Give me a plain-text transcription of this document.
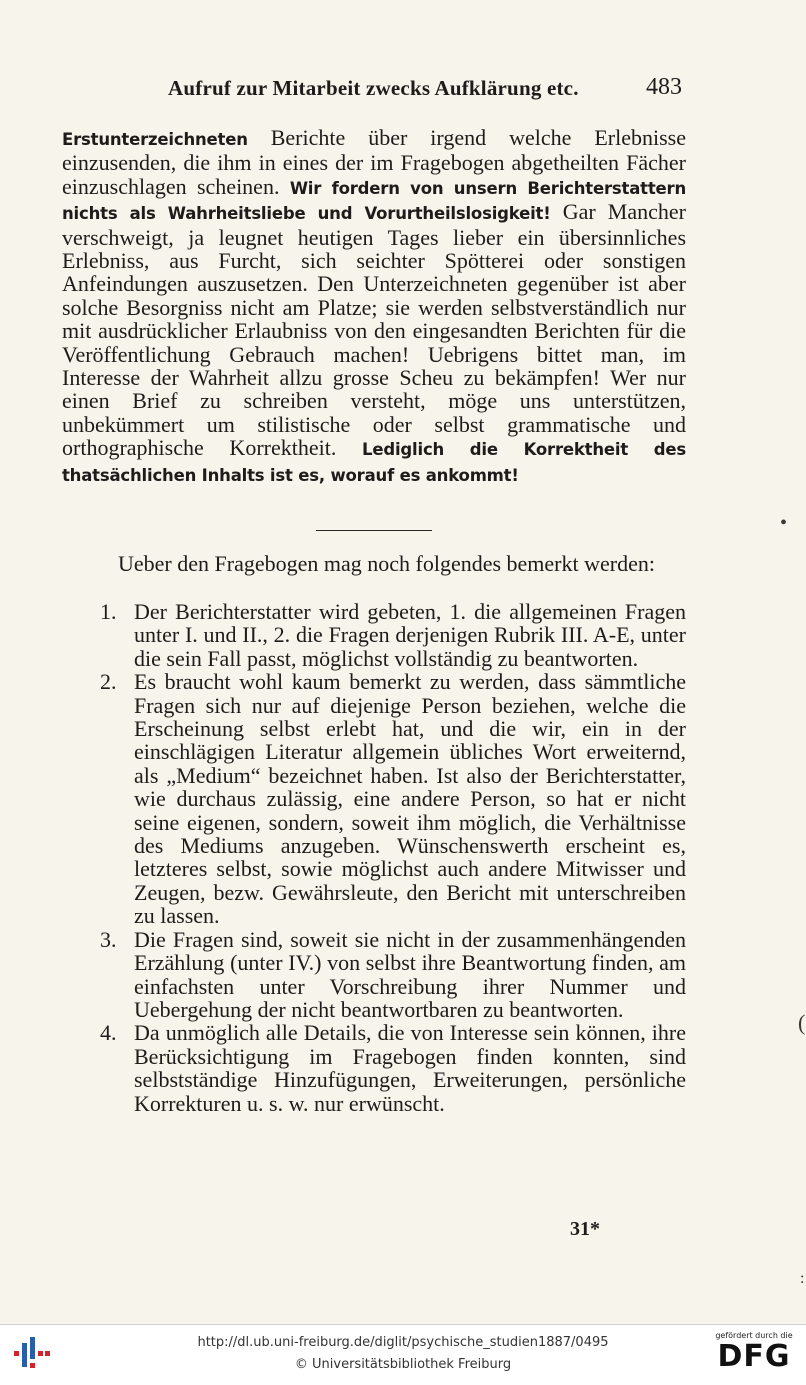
Aufruf zur Mitarbeit zwecks Aufklärung etc.	483
Erstunterzeichneten Berichte über irgend welche Erlebnisse einzusenden, die ihm in eines der im Fragebogen abgetheilten Fächer einzuschlagen scheinen. Wir fordern von unsern Berichterstattern nichts als Wahrheitsliebe und Vorurtheilslosigkeit! Gar Mancher verschweigt, ja leugnet heutigen Tages lieber ein übersinnliches Erlebniss, aus Furcht, sich seichter Spötterei oder sonstigen Anfeindungen auszusetzen. Den Unterzeichneten gegenüber ist aber solche Besorgniss nicht am Platze; sie werden selbstverständlich nur mit ausdrücklicher Erlaubniss von den eingesandten Berichten für die Veröffentlichung Gebrauch machen! Uebrigens bittet man, im Interesse der Wahrheit allzu grosse Scheu zu bekämpfen! Wer nur einen Brief zu schreiben versteht, möge uns unterstützen, unbekümmert um stilistische oder selbst grammatische und orthographische Korrektheit. Lediglich die Korrektheit des thatsächlichen Inhalts ist es, worauf es ankommt!
•
Ueber den Fragebogen mag noch folgendes bemerkt werden:
1. Der Berichterstatter wird gebeten, 1. die allgemeinen Fragen unter I. und II., 2. die Fragen derjenigen Rubrik III. A-E, unter die sein Fall passt, möglichst vollständig zu beantworten.
2. Es braucht wohl kaum bemerkt zu werden, dass sämmtliche Fragen sich nur auf diejenige Person beziehen, welche die Erscheinung selbst erlebt hat, und die wir, ein in der einschlägigen Literatur allgemein übliches Wort erweiternd, als „Medium“ bezeichnet haben. Ist also der Berichterstatter, wie durchaus zulässig, eine andere Person, so hat er nicht seine eigenen, sondern, soweit ihm möglich, die Verhältnisse des Mediums anzugeben. Wünschenswerth erscheint es, letzteres selbst, sowie möglichst auch andere Mitwisser und Zeugen, bezw. Gewährsleute, den Bericht mit unterschreiben zu lassen.
3. Die Fragen sind, soweit sie nicht in der zusammenhängenden Erzählung (unter IV.) von selbst ihre Beantwortung finden, am einfachsten unter Vorschreibung ihrer Nummer und Uebergehung der nicht beantwortbaren zu beantworten.
4. Da unmöglich alle Details, die von Interesse sein können, ihre Berücksichtigung im Fragebogen finden konnten, sind selbstständige Hinzufügungen, Erweiterungen, persönliche Korrekturen u. s. w. nur erwünscht.
31*
(
:
http://dl.ub.uni-freiburg.de/diglit/psychische_studien1887/0495
© Universitätsbibliothek Freiburg
gefördert durch die
DFG
